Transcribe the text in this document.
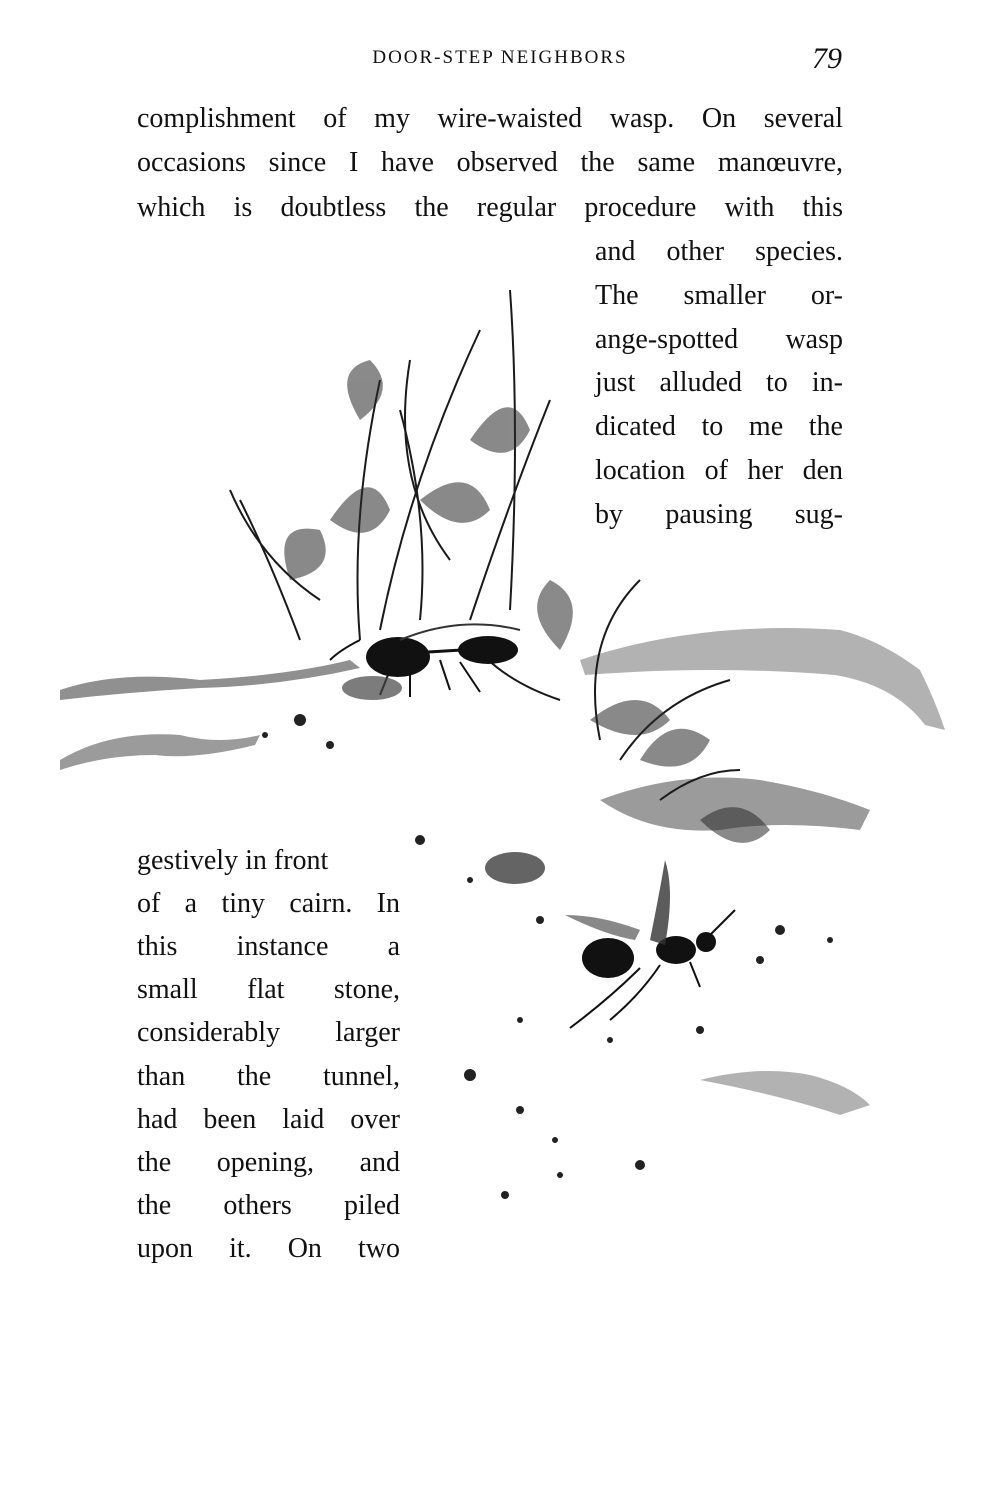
DOOR-STEP NEIGHBORS	79

complishment of my wire-waisted wasp. On several

occasions since I have observed the same manœuvre,

which is doubtless the regular procedure with this

and other species.

The smaller or-

ange-spotted wasp

just alluded to in-

dicated to me the

location of her den

by pausing sug-

gestively in front

of a tiny cairn. In

this instance a

small flat stone,

considerably larger

than the tunnel,

had been laid over

the opening, and

the others piled

upon it. On two
